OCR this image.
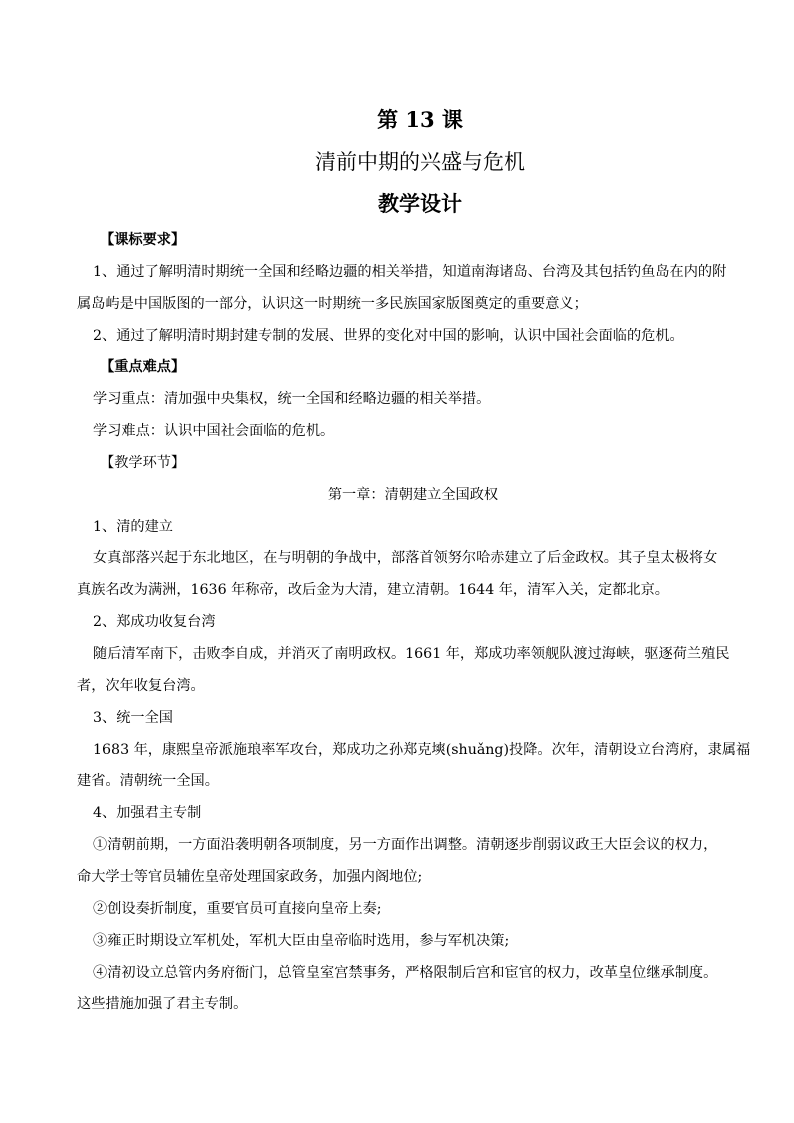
第 13 课
清前中期的兴盛与危机
教学设计
【课标要求】
1、通过了解明清时期统一全国和经略边疆的相关举措，知道南海诸岛、台湾及其包括钓鱼岛在内的附
属岛屿是中国版图的一部分，认识这一时期统一多民族国家版图奠定的重要意义；
2、通过了解明清时期封建专制的发展、世界的变化对中国的影响，认识中国社会面临的危机。
【重点难点】
学习重点：清加强中央集权，统一全国和经略边疆的相关举措。
学习难点：认识中国社会面临的危机。
【教学环节】
第一章：清朝建立全国政权
1、清的建立
女真部落兴起于东北地区，在与明朝的争战中，部落首领努尔哈赤建立了后金政权。其子皇太极将女
真族名改为满洲，1636 年称帝，改后金为大清，建立清朝。1644 年，清军入关，定都北京。
2、郑成功收复台湾
随后清军南下，击败李自成，并消灭了南明政权。1661 年，郑成功率领舰队渡过海峡，驱逐荷兰殖民
者，次年收复台湾。
3、统一全国
1683 年，康熙皇帝派施琅率军攻台，郑成功之孙郑克塽(shuǎng)投降。次年，清朝设立台湾府，隶属福
建省。清朝统一全国。
4、加强君主专制
①清朝前期，一方面沿袭明朝各项制度，另一方面作出调整。清朝逐步削弱议政王大臣会议的权力，
命大学士等官员辅佐皇帝处理国家政务，加强内阁地位;
②创设奏折制度，重要官员可直接向皇帝上奏;
③雍正时期设立军机处，军机大臣由皇帝临时选用，参与军机决策;
④清初设立总管内务府衙门，总管皇室宫禁事务，严格限制后宫和宦官的权力，改革皇位继承制度。
这些措施加强了君主专制。
